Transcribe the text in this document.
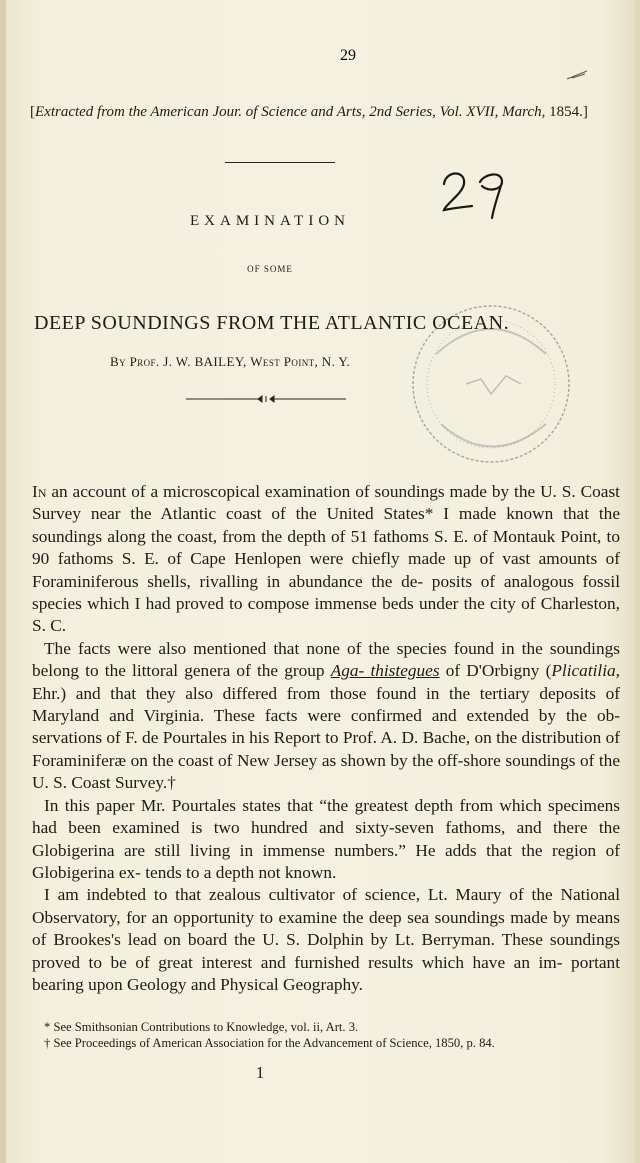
[Extracted from the American Jour. of Science and Arts, 2nd Series, Vol. XVII, March, 1854.]
29
EXAMINATION
OF SOME
DEEP SOUNDINGS FROM THE ATLANTIC OCEAN.
By Prof. J. W. BAILEY, West Point, N. Y.

In an account of a microscopical examination of soundings made by the U. S. Coast Survey near the Atlantic coast of the United States* I made known that the soundings along the coast, from the depth of 51 fathoms S. E. of Montauk Point, to 90 fathoms S. E. of Cape Henlopen were chiefly made up of vast amounts of Foraminiferous shells, rivalling in abundance the de- posits of analogous fossil species which I had proved to compose immense beds under the city of Charleston, S. C.

The facts were also mentioned that none of the species found in the soundings belong to the littoral genera of the group Aga- thistegues of D'Orbigny (Plicatilia, Ehr.) and that they also differed from those found in the tertiary deposits of Maryland and Virginia. These facts were confirmed and extended by the ob- servations of F. de Pourtales in his Report to Prof. A. D. Bache, on the distribution of Foraminiferæ on the coast of New Jersey as shown by the off-shore soundings of the U. S. Coast Survey.†

In this paper Mr. Pourtales states that “the greatest depth from which specimens had been examined is two hundred and sixty-seven fathoms, and there the Globigerina are still living in immense numbers.” He adds that the region of Globigerina ex- tends to a depth not known.

I am indebted to that zealous cultivator of science, Lt. Maury of the National Observatory, for an opportunity to examine the deep sea soundings made by means of Brookes's lead on board the U. S. Dolphin by Lt. Berryman. These soundings proved to be of great interest and furnished results which have an im- portant bearing upon Geology and Physical Geography.

* See Smithsonian Contributions to Knowledge, vol. ii, Art. 3.

† See Proceedings of American Association for the Advancement of Science, 1850, p. 84.

1
